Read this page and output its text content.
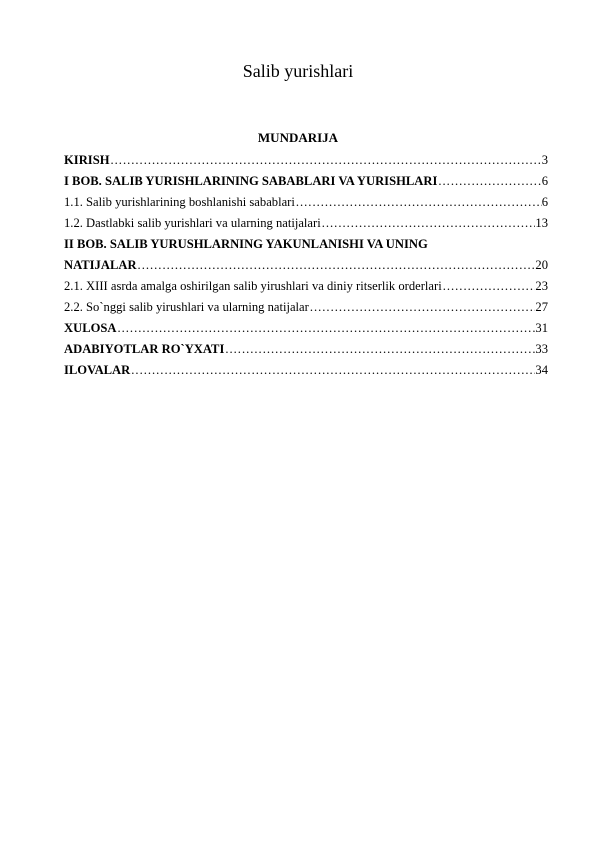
Salib yurishlari
MUNDARIJA
KIRISH .....	3
I BOB. SALIB YURISHLARINING SABABLARI VA YURISHLARI .....	6
1.1. Salib yurishlarining boshlanishi sabablari .....	6
1.2. Dastlabki salib yurishlari va ularning natijalari .....	13
II BOB. SALIB YURUSHLARNING YAKUNLANISHI VA UNING
NATIJALAR .....	20
2.1. XIII asrda amalga oshirilgan salib yirushlari va diniy ritserlik orderlari .....	23
2.2. So`nggi salib yirushlari va ularning natijalar .....	27
XULOSA .....	31
ADABIYOTLAR RO`YXATI .....	33
ILOVALAR .....	34
